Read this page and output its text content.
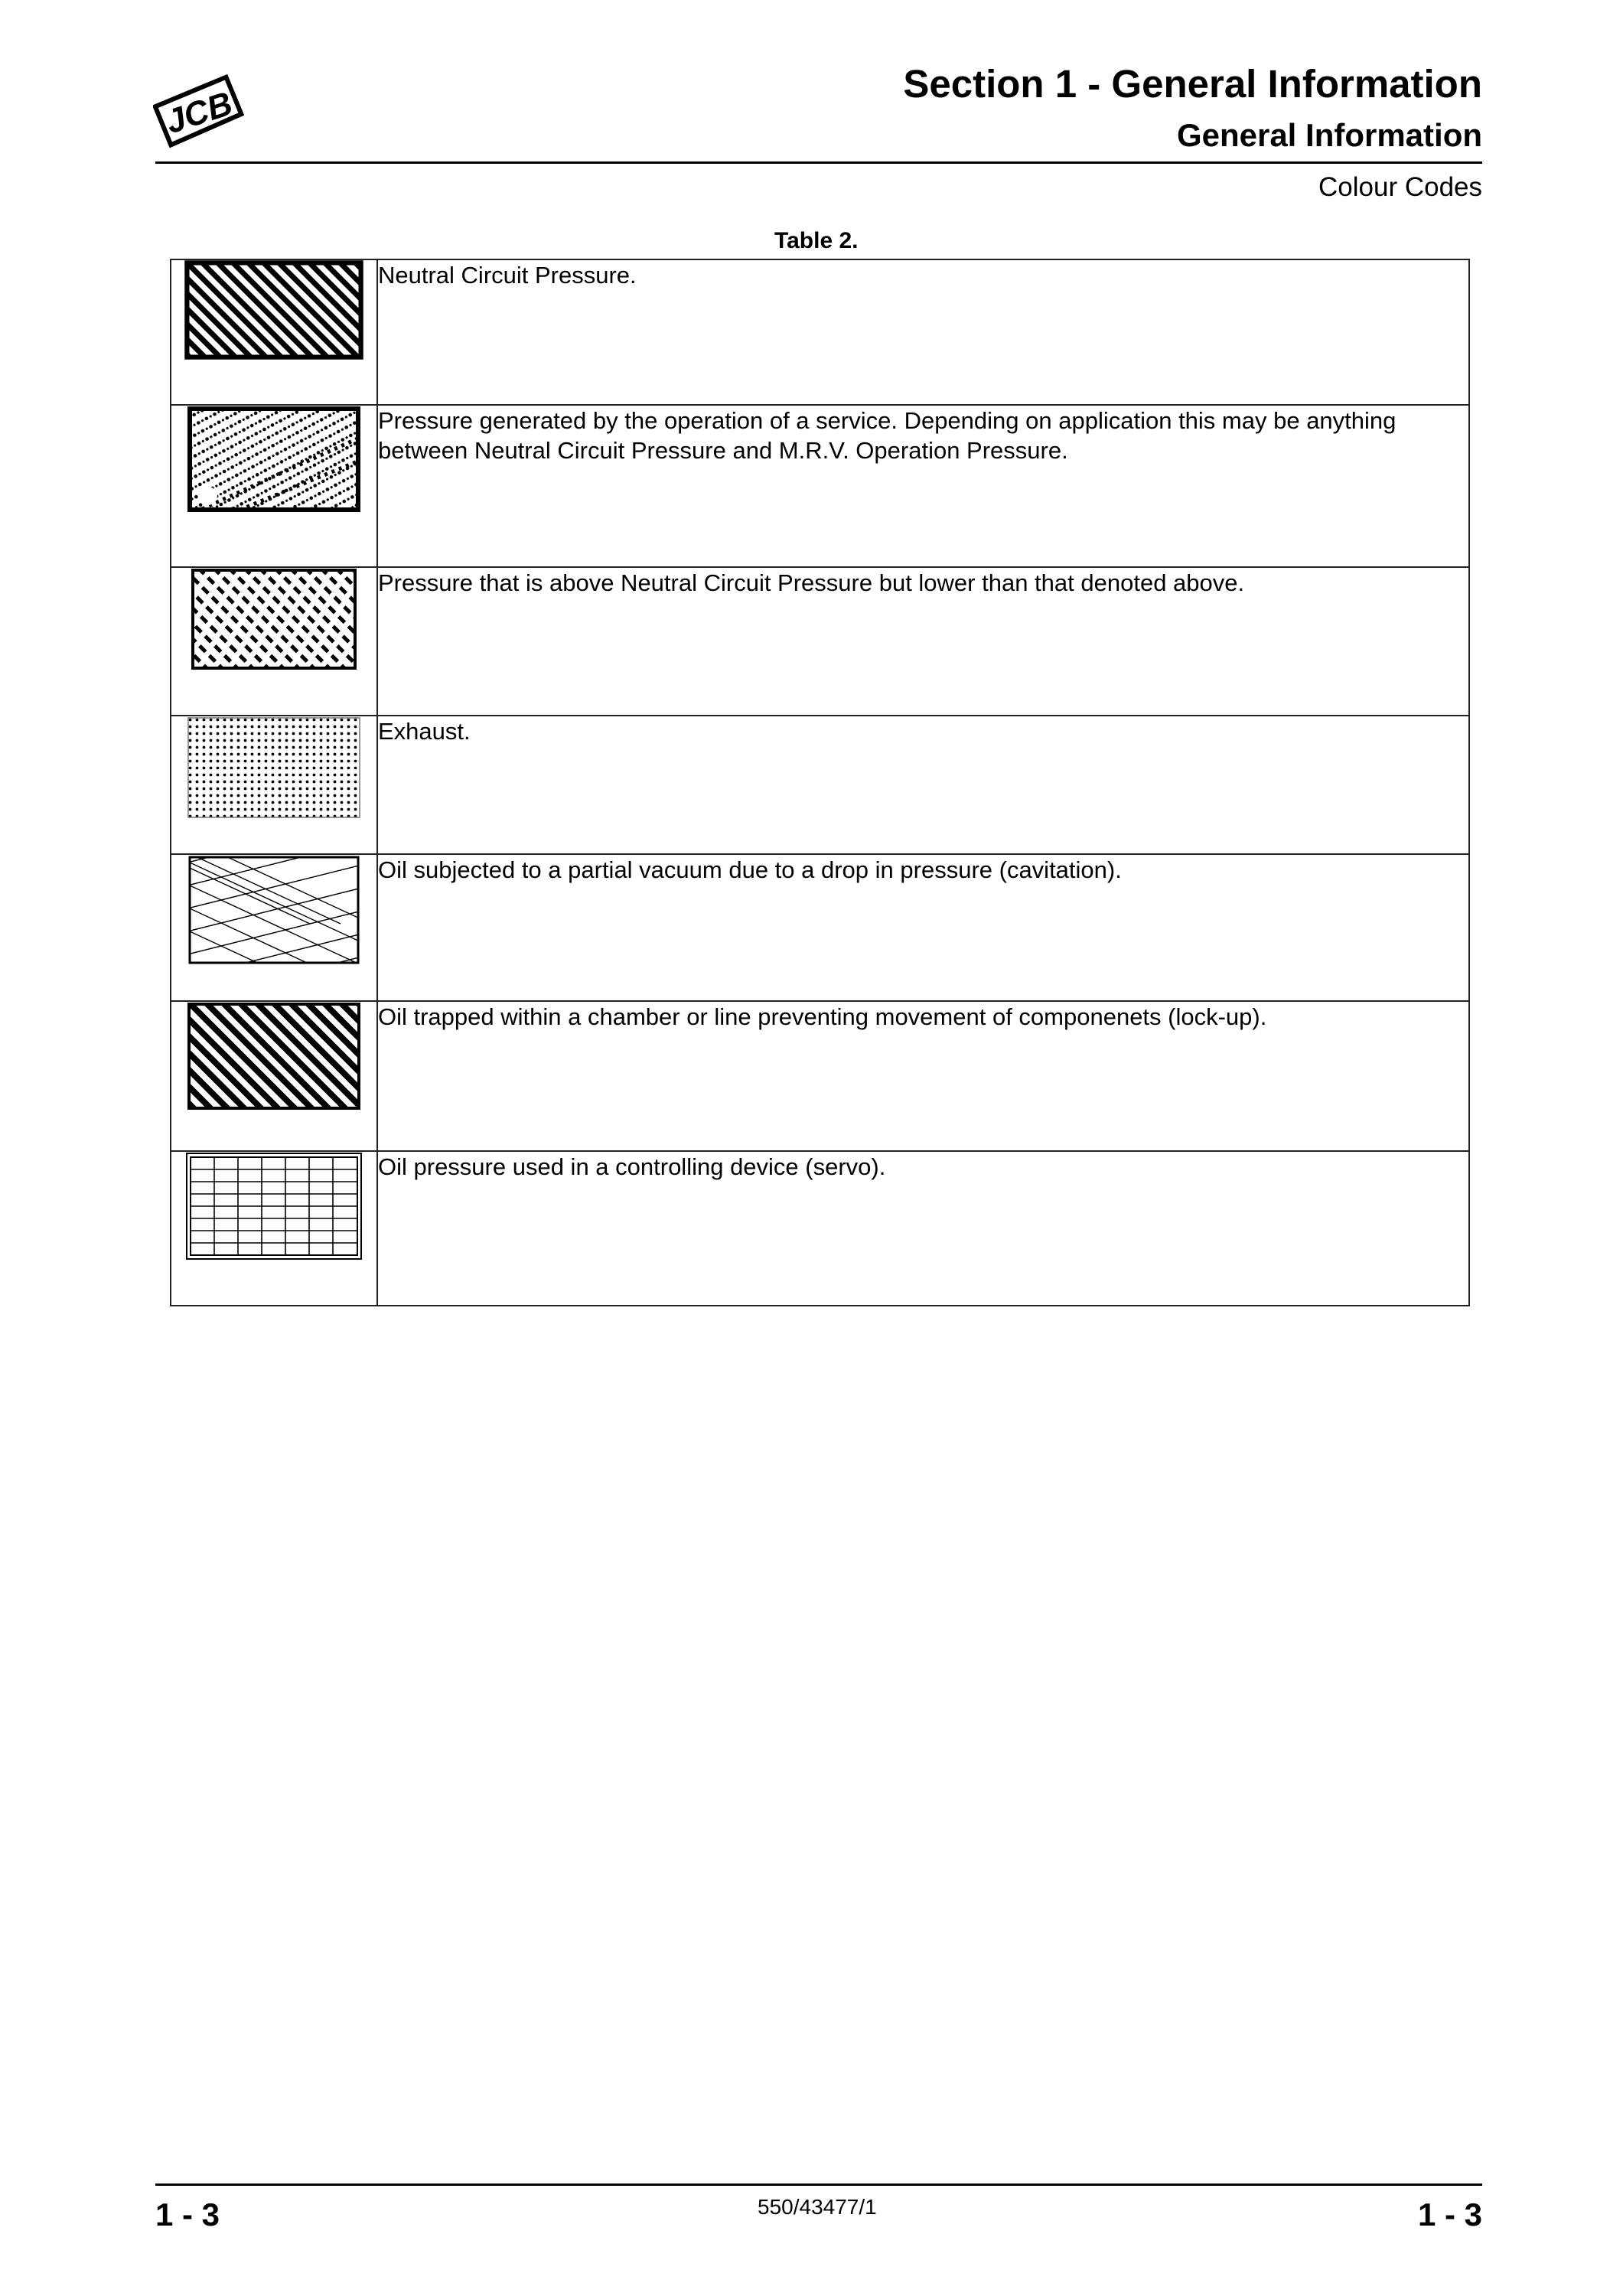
JCB
Section 1 - General Information
General Information
Colour Codes
Table 2.
	Neutral Circuit Pressure.

	Pressure generated by the operation of a service. Depending on application this may be anything between Neutral Circuit Pressure and M.R.V. Operation Pressure.

	Pressure that is above Neutral Circuit Pressure but lower than that denoted above.

	Exhaust.

	Oil subjected to a partial vacuum due to a drop in pressure (cavitation).

	Oil trapped within a chamber or line preventing movement of componenets (lock-up).

	Oil pressure used in a controlling device (servo).
1 - 3	550/43477/1	1 - 3
